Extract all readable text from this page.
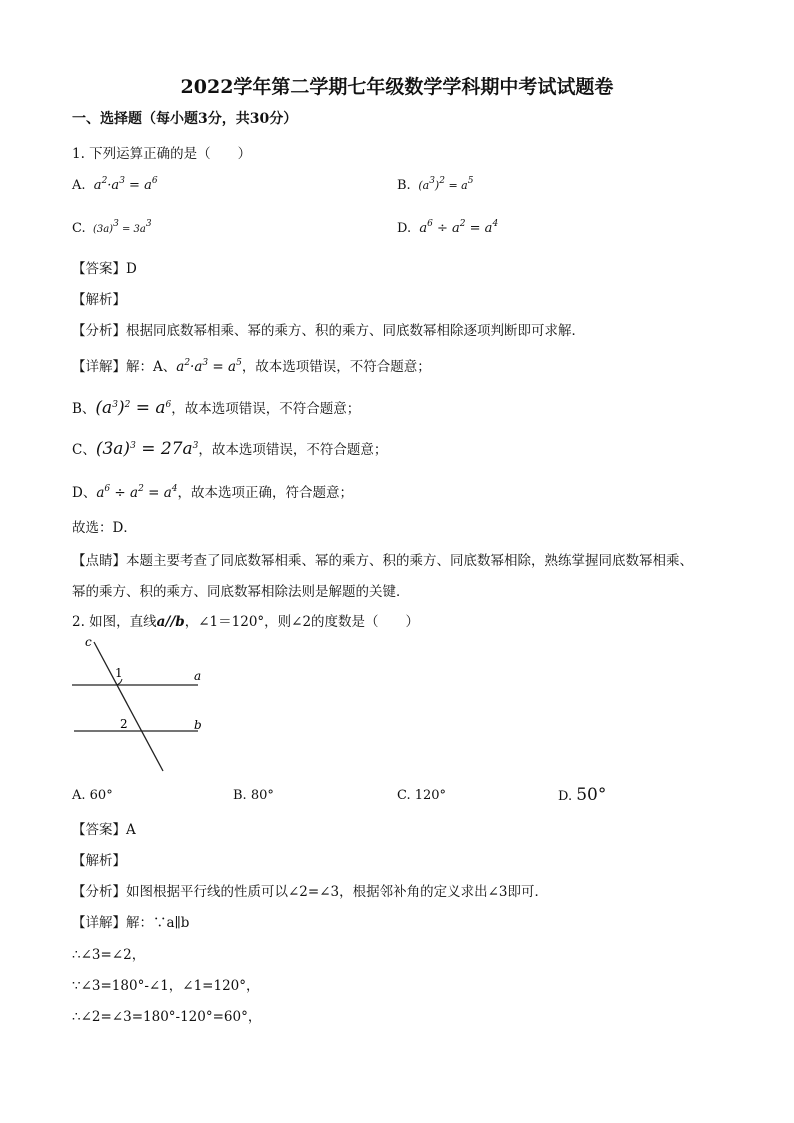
2022学年第二学期七年级数学学科期中考试试题卷
一、选择题（每小题3分，共30分）
1. 下列运算正确的是（　　）
A.  $a^2\cdot a^3 = a^6$	B.  $(a^3)^2 = a^5$
C.  $(3a)^3 = 3a^3$	D.  $a^6 \div a^2 = a^4$
【答案】D
【解析】
【分析】根据同底数幂相乘、幂的乘方、积的乘方、同底数幂相除逐项判断即可求解．
【详解】解：A、$a^2\cdot a^3 = a^5$，故本选项错误，不符合题意；
B、$(a^3)^2 = a^6$，故本选项错误，不符合题意；
C、$(3a)^3 = 27a^3$，故本选项错误，不符合题意；
D、$a^6 \div a^2 = a^4$，故本选项正确，符合题意；
故选：D．
【点睛】本题主要考查了同底数幂相乘、幂的乘方、积的乘方、同底数幂相除，熟练掌握同底数幂相乘、
幂的乘方、积的乘方、同底数幂相除法则是解题的关键．
2. 如图，直线a//b，∠1＝120°，则∠2的度数是（　　）
c
1	a
2	b
A. 60°	B. 80°	C. 120°	D. 50°
【答案】A
【解析】
【分析】如图根据平行线的性质可以∠2=∠3，根据邻补角的定义求出∠3即可．
【详解】解：∵a∥b
∴∠3=∠2，
∵∠3=180°-∠1，∠1=120°，
∴∠2=∠3=180°-120°=60°，
